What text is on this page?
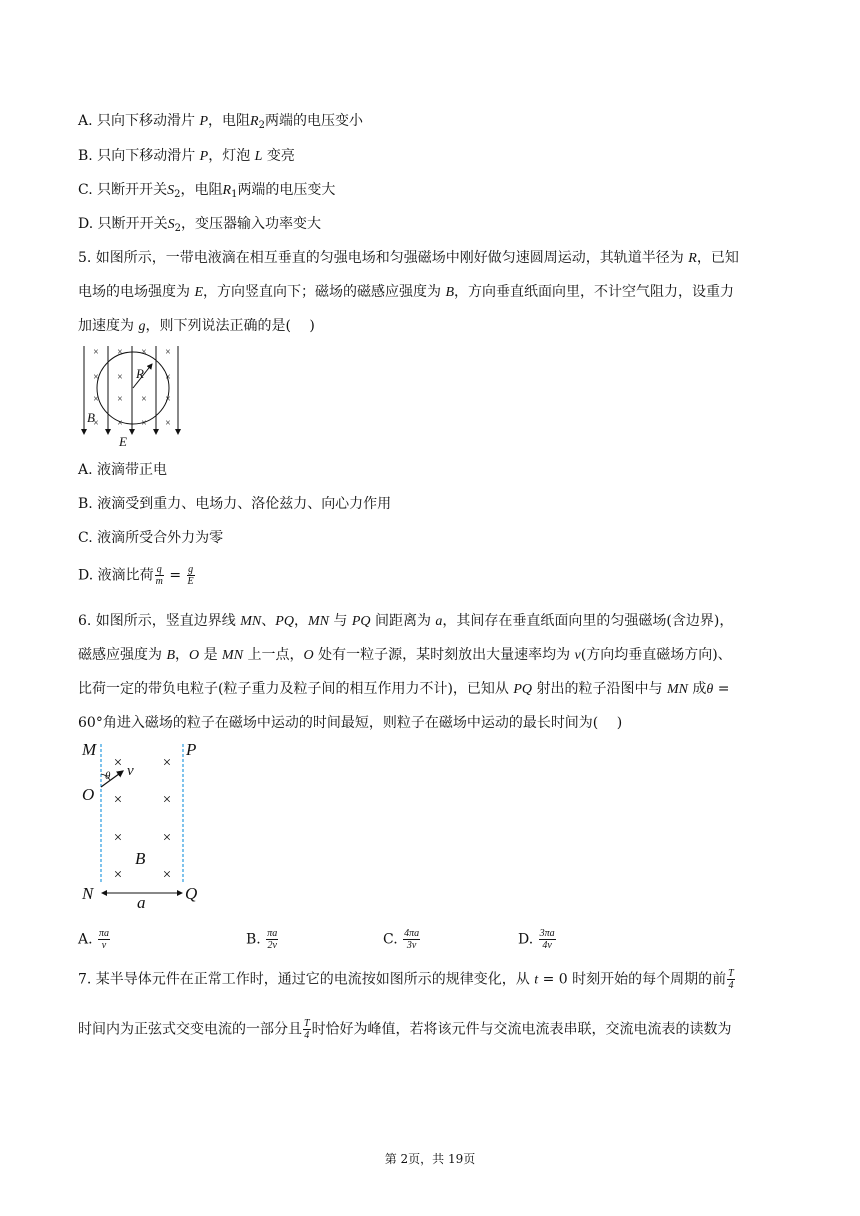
A. 只向下移动滑片 P，电阻$R_2$两端的电压变小
B. 只向下移动滑片 P，灯泡 L 变亮
C. 只断开开关$S_2$，电阻$R_1$两端的电压变大
D. 只断开开关$S_2$，变压器输入功率变大
5. 如图所示，一带电液滴在相互垂直的匀强电场和匀强磁场中刚好做匀速圆周运动，其轨道半径为 R，已知
电场的电场强度为 E，方向竖直向下；磁场的磁感应强度为 B，方向垂直纸面向里，不计空气阻力，设重力
加速度为 g，则下列说法正确的是(　 )
× × × ×
× ×	×
× × × ×
× × × ×
R
B
E
A. 液滴带正电
B. 液滴受到重力、电场力、洛伦兹力、向心力作用
C. 液滴所受合外力为零
D. 液滴比荷 $\frac{q}{m} = \frac{g}{E}$
6. 如图所示，竖直边界线 MN、PQ，MN 与 PQ 间距离为 a，其间存在垂直纸面向里的匀强磁场(含边界)，
磁感应强度为 B，O 是 MN 上一点，O 处有一粒子源，某时刻放出大量速率均为 v(方向均垂直磁场方向)、
比荷一定的带负电粒子(粒子重力及粒子间的相互作用力不计)，已知从 PQ 射出的粒子沿图中与 MN 成θ =
60°角进入磁场的粒子在磁场中运动的时间最短，则粒子在磁场中运动的最长时间为(　 )
×	×
×	×
×	×
×	×
M	P
O
B
N	Q
a
v
θ
A. $\frac{\pi a}{v}$	B. $\frac{\pi a}{2v}$	C. $\frac{4\pi a}{3v}$	D. $\frac{3\pi a}{4v}$
7. 某半导体元件在正常工作时，通过它的电流按如图所示的规律变化，从 t = 0 时刻开始的每个周期的前 $\frac{T}{4}$
时间内为正弦式交变电流的一部分且 $\frac{T}{4}$ 时恰好为峰值，若将该元件与交流电流表串联，交流电流表的读数为
第 2页，共 19页
